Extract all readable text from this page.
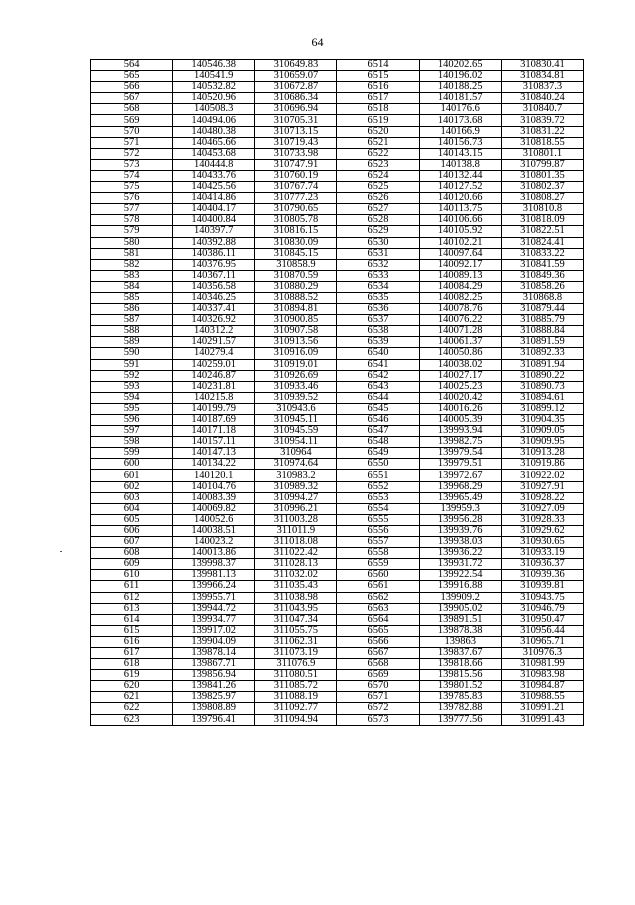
64
564	140546.38	310649.83	6514	140202.65	310830.41
565	140541.9	310659.07	6515	140196.02	310834.81
566	140532.82	310672.87	6516	140188.25	310837.3
567	140520.96	310686.34	6517	140181.57	310840.24
568	140508.3	310696.94	6518	140176.6	310840.7
569	140494.06	310705.31	6519	140173.68	310839.72
570	140480.38	310713.15	6520	140166.9	310831.22
571	140465.66	310719.43	6521	140156.73	310818.55
572	140453.68	310733.98	6522	140143.15	310801.1
573	140444.8	310747.91	6523	140138.8	310799.87
574	140433.76	310760.19	6524	140132.44	310801.35
575	140425.56	310767.74	6525	140127.52	310802.37
576	140414.86	310777.23	6526	140120.66	310808.27
577	140404.17	310790.65	6527	140113.75	310810.8
578	140400.84	310805.78	6528	140106.66	310818.09
579	140397.7	310816.15	6529	140105.92	310822.51
580	140392.88	310830.09	6530	140102.21	310824.41
581	140386.11	310845.15	6531	140097.64	310833.22
582	140376.95	310858.9	6532	140092.17	310841.59
583	140367.11	310870.59	6533	140089.13	310849.36
584	140356.58	310880.29	6534	140084.29	310858.26
585	140346.25	310888.52	6535	140082.25	310868.8
586	140337.41	310894.81	6536	140078.76	310879.44
587	140326.92	310900.85	6537	140076.22	310885.79
588	140312.2	310907.58	6538	140071.28	310888.84
589	140291.57	310913.56	6539	140061.37	310891.59
590	140279.4	310916.09	6540	140050.86	310892.33
591	140259.01	310919.01	6541	140038.02	310891.94
592	140246.87	310926.69	6542	140027.17	310890.22
593	140231.81	310933.46	6543	140025.23	310890.73
594	140215.8	310939.52	6544	140020.42	310894.61
595	140199.79	310943.6	6545	140016.26	310899.12
596	140187.69	310945.11	6546	140005.39	310904.35
597	140171.18	310945.59	6547	139993.94	310909.05
598	140157.11	310954.11	6548	139982.75	310909.95
599	140147.13	310964	6549	139979.54	310913.28
600	140134.22	310974.64	6550	139979.51	310919.86
601	140120.1	310983.2	6551	139972.67	310922.02
602	140104.76	310989.32	6552	139968.29	310927.91
603	140083.39	310994.27	6553	139965.49	310928.22
604	140069.82	310996.21	6554	139959.3	310927.09
605	140052.6	311003.28	6555	139956.28	310928.33
606	140038.51	311011.9	6556	139939.76	310929.62
607	140023.2	311018.08	6557	139938.03	310930.65
608	140013.86	311022.42	6558	139936.22	310933.19
609	139998.37	311028.13	6559	139931.72	310936.37
610	139981.13	311032.02	6560	139922.54	310939.36
611	139966.24	311035.43	6561	139916.88	310939.81
612	139955.71	311038.98	6562	139909.2	310943.75
613	139944.72	311043.95	6563	139905.02	310946.79
614	139934.77	311047.34	6564	139891.51	310950.47
615	139917.02	311055.75	6565	139878.38	310956.44
616	139904.09	311062.31	6566	139863	310965.71
617	139878.14	311073.19	6567	139837.67	310976.3
618	139867.71	311076.9	6568	139818.66	310981.99
619	139856.94	311080.51	6569	139815.56	310983.98
620	139841.26	311085.72	6570	139801.52	310984.87
621	139825.97	311088.19	6571	139785.83	310988.55
622	139808.89	311092.77	6572	139782.88	310991.21
623	139796.41	311094.94	6573	139777.56	310991.43
